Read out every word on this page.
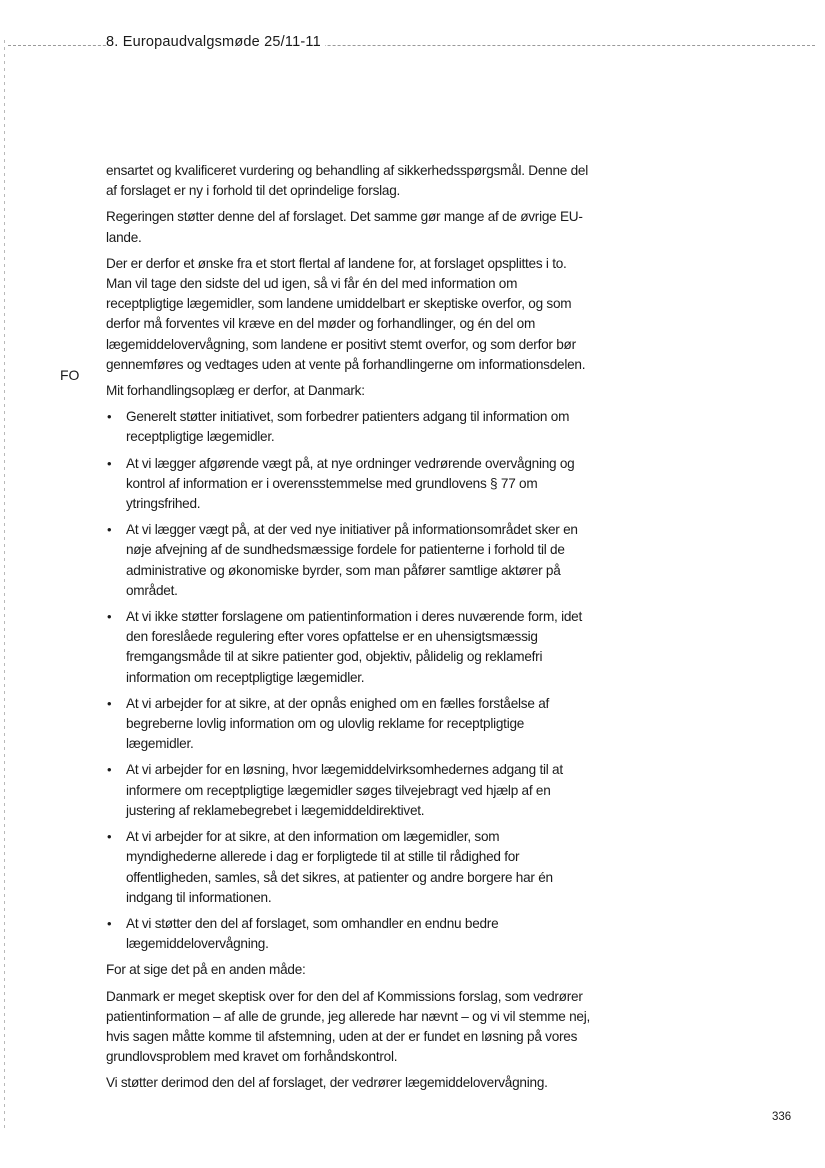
8. Europaudvalgsmøde 25/11-11
FO

ensartet og kvalificeret vurdering og behandling af sikkerhedsspørgsmål. Denne del af forslaget er ny i forhold til det oprindelige forslag.

Regeringen støtter denne del af forslaget. Det samme gør mange af de øvrige EU-lande.

Der er derfor et ønske fra et stort flertal af landene for, at forslaget opsplittes i to. Man vil tage den sidste del ud igen, så vi får én del med information om receptpligtige lægemidler, som landene umiddelbart er skeptiske overfor, og som derfor må forventes vil kræve en del møder og forhandlinger, og én del om lægemiddelovervågning, som landene er positivt stemt overfor, og som derfor bør gennemføres og vedtages uden at vente på forhandlingerne om informationsdelen.

Mit forhandlingsoplæg er derfor, at Danmark:

• Generelt støtter initiativet, som forbedrer patienters adgang til information om receptpligtige lægemidler.
• At vi lægger afgørende vægt på, at nye ordninger vedrørende overvågning og kontrol af information er i overensstemmelse med grundlovens § 77 om ytringsfrihed.
• At vi lægger vægt på, at der ved nye initiativer på informationsområdet sker en nøje afvejning af de sundhedsmæssige fordele for patienterne i forhold til de administrative og økonomiske byrder, som man påfører samtlige aktører på området.
• At vi ikke støtter forslagene om patientinformation i deres nuværende form, idet den foreslåede regulering efter vores opfattelse er en uhensigtsmæssig fremgangsmåde til at sikre patienter god, objektiv, pålidelig og reklamefri information om receptpligtige lægemidler.
• At vi arbejder for at sikre, at der opnås enighed om en fælles forståelse af begreberne lovlig information om og ulovlig reklame for receptpligtige lægemidler.
• At vi arbejder for en løsning, hvor lægemiddelvirksomhedernes adgang til at informere om receptpligtige lægemidler søges tilvejebragt ved hjælp af en justering af reklamebegrebet i lægemiddeldirektivet.
• At vi arbejder for at sikre, at den information om lægemidler, som myndighederne allerede i dag er forpligtede til at stille til rådighed for offentligheden, samles, så det sikres, at patienter og andre borgere har én indgang til informationen.
• At vi støtter den del af forslaget, som omhandler en endnu bedre lægemiddelovervågning.

For at sige det på en anden måde:

Danmark er meget skeptisk over for den del af Kommissions forslag, som vedrører patientinformation – af alle de grunde, jeg allerede har nævnt – og vi vil stemme nej, hvis sagen måtte komme til afstemning, uden at der er fundet en løsning på vores grundlovsproblem med kravet om forhåndskontrol.

Vi støtter derimod den del af forslaget, der vedrører lægemiddelovervågning.

336
